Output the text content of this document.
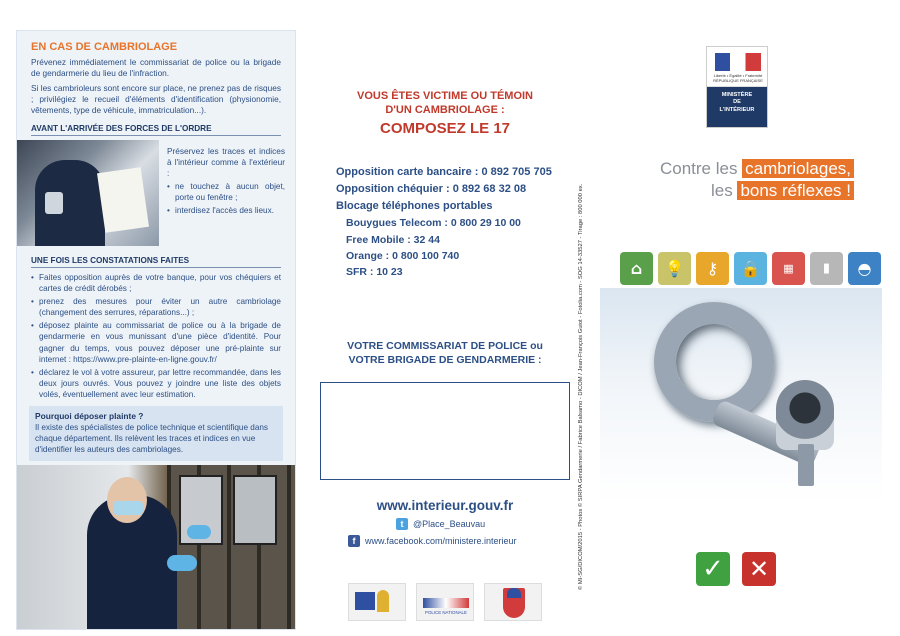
EN CAS DE CAMBRIOLAGE
Prévenez immédiatement le commissariat de police ou la brigade de gendarmerie du lieu de l'infraction.
Si les cambrioleurs sont encore sur place, ne prenez pas de risques ; privilégiez le recueil d'éléments d'identification (physionomie, vêtements, type de véhicule, immatriculation...).
AVANT L'ARRIVÉE DES FORCES DE L'ORDRE
Préservez les traces et indices à l'intérieur comme à l'extérieur :
• ne touchez à aucun objet, porte ou fenêtre ;
• interdisez l'accès des lieux.
UNE FOIS LES CONSTATATIONS FAITES
• Faites opposition auprès de votre banque, pour vos chéquiers et cartes de crédit dérobés ;
• prenez des mesures pour éviter un autre cambriolage (changement des serrures, réparations...) ;
• déposez plainte au commissariat de police ou à la brigade de gendarmerie en vous munissant d'une pièce d'identité. Pour gagner du temps, vous pouvez déposer une pré-plainte sur internet : https://www.pre-plainte-en-ligne.gouv.fr/
• déclarez le vol à votre assureur, par lettre recommandée, dans les deux jours ouvrés. Vous pouvez y joindre une liste des objets volés, éventuellement avec leur estimation.
Pourquoi déposer plainte ?
Il existe des spécialistes de police technique et scientifique dans chaque département. Ils relèvent les traces et indices en vue d'identifier les auteurs des cambriolages.
VOUS ÊTES VICTIME OU TÉMOIN
D'UN CAMBRIOLAGE :
COMPOSEZ LE 17
Opposition carte bancaire : 0 892 705 705
Opposition chéquier : 0 892 68 32 08
Blocage téléphones portables
Bouygues Telecom : 0 800 29 10 00
Free Mobile : 32 44
Orange : 0 800 100 740
SFR : 10 23
VOTRE COMMISSARIAT DE POLICE ou
VOTRE BRIGADE DE GENDARMERIE :
www.interieur.gouv.fr
t	@Place_Beauvau
f	www.facebook.com/ministere.interieur
POLICE NATIONALE
© MI-SG/DICOM/2015 - Photos © SIRPA Gendarmerie / Fabrice Balsamo - DICOM / Jean-François Guiot - Fotolia.com - SOG 14-33527 - Tirage : 800 000 ex.
Liberté • Égalité • Fraternité RÉPUBLIQUE FRANÇAISE
MINISTÈRE
DE
L'INTÉRIEUR
Contre les cambriolages,
les bons réflexes !
⌂	💡	⚷	🔒	▦	▮	◓
✓ ✕
